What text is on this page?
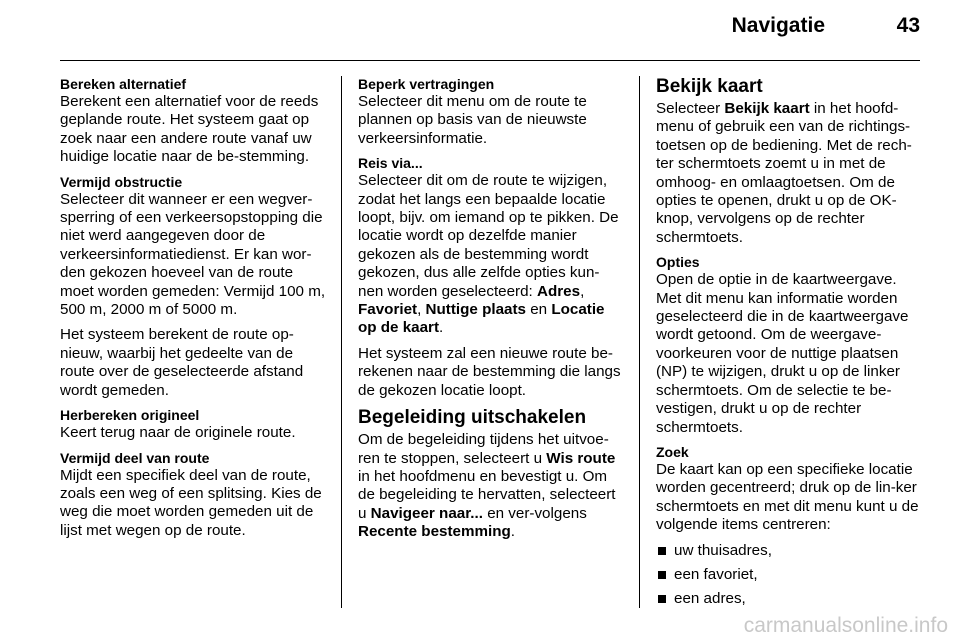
Navigatie	43
Bereken alternatief
Berekent een alternatief voor de reeds geplande route. Het systeem gaat op zoek naar een andere route vanaf uw huidige locatie naar de be-stemming.
Vermijd obstructie
Selecteer dit wanneer er een wegver-sperring of een verkeersopstopping die niet werd aangegeven door de verkeersinformatiedienst. Er kan wor-den gekozen hoeveel van de route moet worden gemeden: Vermijd 100 m, 500 m, 2000 m of 5000 m.
Het systeem berekent de route op-nieuw, waarbij het gedeelte van de route over de geselecteerde afstand wordt gemeden.
Herbereken origineel
Keert terug naar de originele route.
Vermijd deel van route
Mijdt een specifiek deel van de route, zoals een weg of een splitsing. Kies de weg die moet worden gemeden uit de lijst met wegen op de route.
Beperk vertragingen
Selecteer dit menu om de route te plannen op basis van de nieuwste verkeersinformatie.
Reis via...
Selecteer dit om de route te wijzigen, zodat het langs een bepaalde locatie loopt, bijv. om iemand op te pikken. De locatie wordt op dezelfde manier gekozen als de bestemming wordt gekozen, dus alle zelfde opties kun-nen worden geselecteerd: Adres, Favoriet, Nuttige plaats en Locatie op de kaart.
Het systeem zal een nieuwe route be-rekenen naar de bestemming die langs de gekozen locatie loopt.
Begeleiding uitschakelen
Om de begeleiding tijdens het uitvoe-ren te stoppen, selecteert u Wis route in het hoofdmenu en bevestigt u. Om de begeleiding te hervatten, selecteert u Navigeer naar... en ver-volgens Recente bestemming.
Bekijk kaart
Selecteer Bekijk kaart in het hoofd-menu of gebruik een van de richtings-toetsen op de bediening. Met de rech-ter schermtoets zoemt u in met de omhoog- en omlaagtoetsen. Om de opties te openen, drukt u op de OK-knop, vervolgens op de rechter schermtoets.
Opties
Open de optie in de kaartweergave. Met dit menu kan informatie worden geselecteerd die in de kaartweergave wordt getoond. Om de weergave-voorkeuren voor de nuttige plaatsen (NP) te wijzigen, drukt u op de linker schermtoets. Om de selectie te be-vestigen, drukt u op de rechter schermtoets.
Zoek
De kaart kan op een specifieke locatie worden gecentreerd; druk op de lin-ker schermtoets en met dit menu kunt u de volgende items centreren:
uw thuisadres,
een favoriet,
een adres,
carmanualsonline.info
